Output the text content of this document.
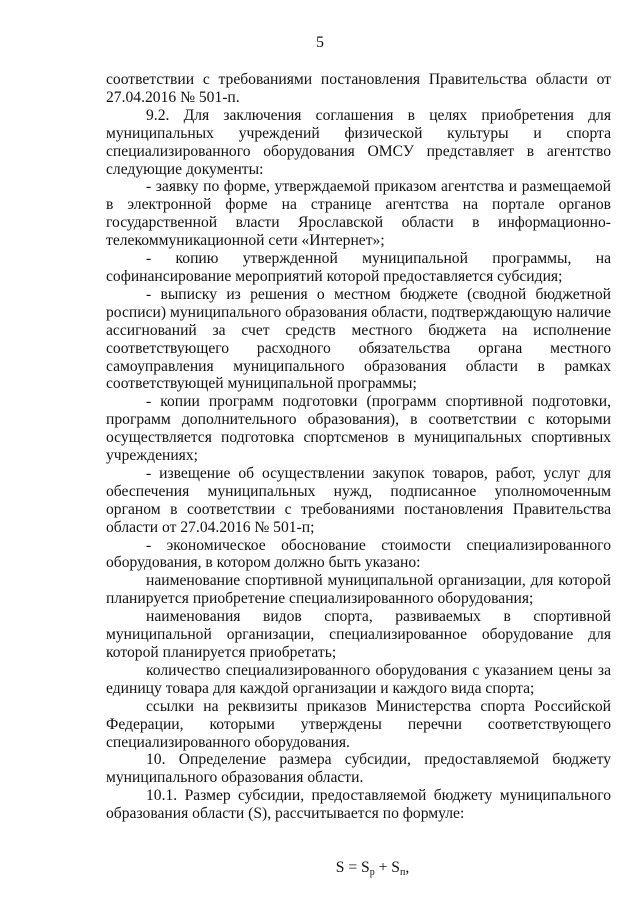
5

соответствии с требованиями постановления Правительства области от 27.04.2016 № 501-п.

9.2. Для заключения соглашения в целях приобретения для муниципальных учреждений физической культуры и спорта специализированного оборудования ОМСУ представляет в агентство следующие документы:

- заявку по форме, утверждаемой приказом агентства и размещаемой в электронной форме на странице агентства на портале органов государственной власти Ярославской области в информационно-телекоммуникационной сети «Интернет»;

- копию утвержденной муниципальной программы, на софинансирование мероприятий которой предоставляется субсидия;

- выписку из решения о местном бюджете (сводной бюджетной росписи) муниципального образования области, подтверждающую наличие ассигнований за счет средств местного бюджета на исполнение соответствующего расходного обязательства органа местного самоуправления муниципального образования области в рамках соответствующей муниципальной программы;

- копии программ подготовки (программ спортивной подготовки, программ дополнительного образования), в соответствии с которыми осуществляется подготовка спортсменов в муниципальных спортивных учреждениях;

- извещение об осуществлении закупок товаров, работ, услуг для обеспечения муниципальных нужд, подписанное уполномоченным органом в соответствии с требованиями постановления Правительства области от 27.04.2016 № 501-п;

- экономическое обоснование стоимости специализированного оборудования, в котором должно быть указано:

наименование спортивной муниципальной организации, для которой планируется приобретение специализированного оборудования;

наименования видов спорта, развиваемых в спортивной муниципальной организации, специализированное оборудование для которой планируется приобретать;

количество специализированного оборудования с указанием цены за единицу товара для каждой организации и каждого вида спорта;

ссылки на реквизиты приказов Министерства спорта Российской Федерации, которыми утверждены перечни соответствующего специализированного оборудования.

10. Определение размера субсидии, предоставляемой бюджету муниципального образования области.

10.1. Размер субсидии, предоставляемой бюджету муниципального образования области (S), рассчитывается по формуле:

$S = S_р + S_п$,
